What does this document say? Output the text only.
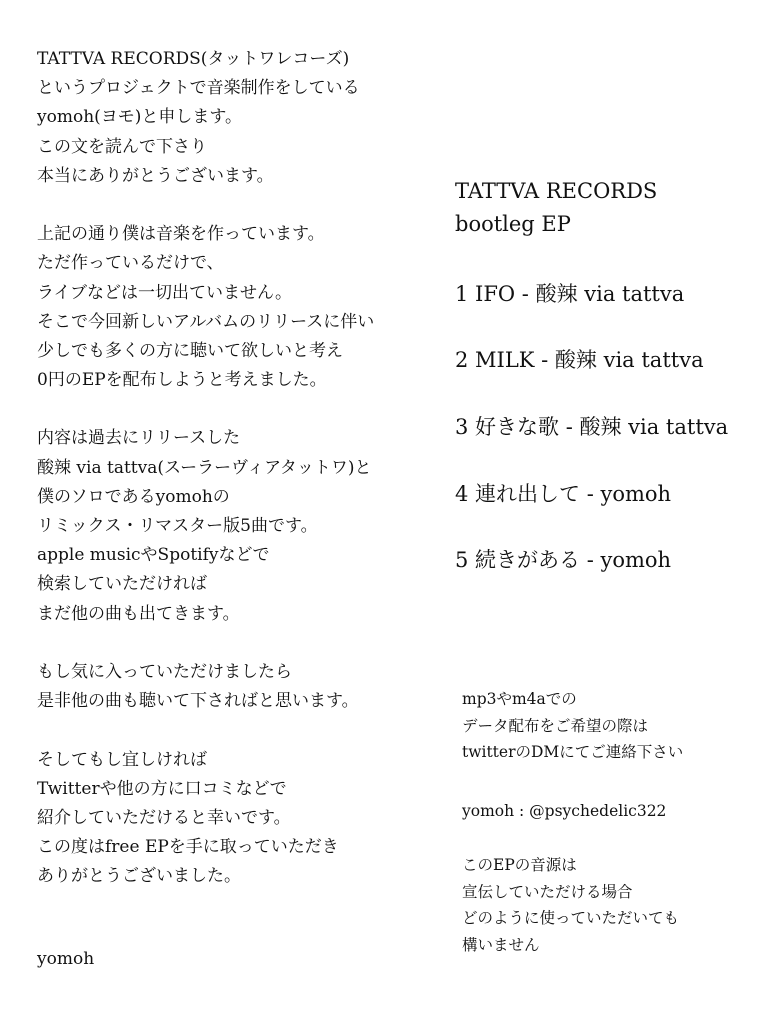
TATTVA RECORDS(タットワレコーズ)
というプロジェクトで音楽制作をしている
yomoh(ヨモ)と申します。
この文を読んで下さり
本当にありがとうございます。
上記の通り僕は音楽を作っています。
ただ作っているだけで、
ライブなどは一切出ていません。
そこで今回新しいアルバムのリリースに伴い
少しでも多くの方に聴いて欲しいと考え
0円のEPを配布しようと考えました。
内容は過去にリリースした
酸辣 via tattva(スーラーヴィアタットワ)と
僕のソロであるyomohの
リミックス・リマスター版5曲です。
apple musicやSpotifyなどで
検索していただければ
まだ他の曲も出てきます。
もし気に入っていただけましたら
是非他の曲も聴いて下さればと思います。
そしてもし宜しければ
Twitterや他の方に口コミなどで
紹介していただけると幸いです。
この度はfree EPを手に取っていただき
ありがとうございました。
yomoh
TATTVA RECORDS
bootleg EP
1 IFO - 酸辣 via tattva
2 MILK - 酸辣 via tattva
3 好きな歌 - 酸辣 via tattva
4 連れ出して - yomoh
5 続きがある - yomoh
mp3やm4aでの
データ配布をご希望の際は
twitterのDMにてご連絡下さい
yomoh : @psychedelic322
このEPの音源は
宣伝していただける場合
どのように使っていただいても
構いません
